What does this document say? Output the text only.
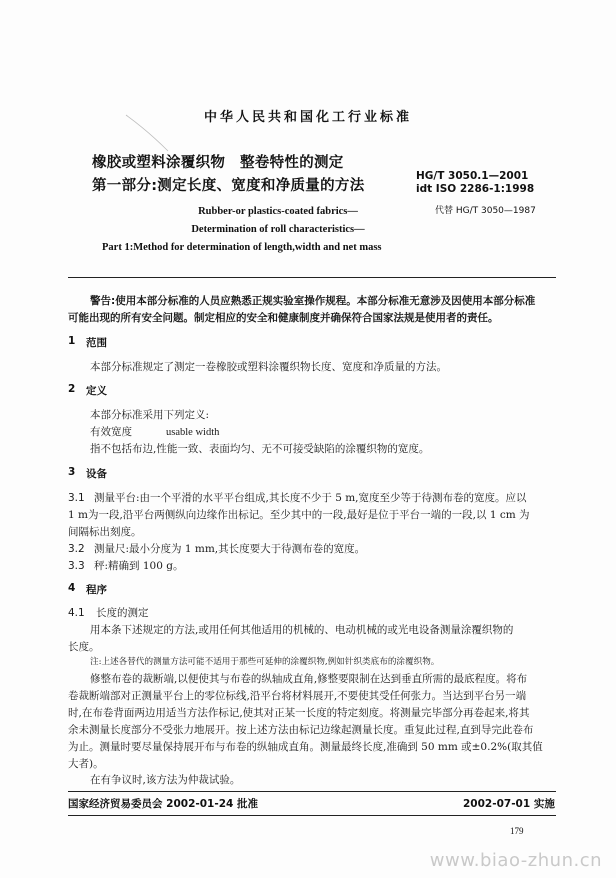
中华人民共和国化工行业标准
橡胶或塑料涂覆织物　整卷特性的测定
第一部分:测定长度、宽度和净质量的方法
HG/T 3050.1—2001
idt ISO 2286-1:1998
代替 HG/T 3050—1987
Rubber-or plastics-coated fabrics—
Determination of roll characteristics—
Part 1:Method for determination of length,width and net mass
警告:使用本部分标准的人员应熟悉正规实验室操作规程。本部分标准无意涉及因使用本部分标准
可能出现的所有安全问题。制定相应的安全和健康制度并确保符合国家法规是使用者的责任。
1 范围
本部分标准规定了测定一卷橡胶或塑料涂覆织物长度、宽度和净质量的方法。
2 定义
本部分标准采用下列定义:
有效宽度	usable width
指不包括布边,性能一致、表面均匀、无不可接受缺陷的涂覆织物的宽度。
3 设备
3.1 测量平台:由一个平滑的水平平台组成,其长度不少于 5 m,宽度至少等于待测布卷的宽度。应以
1 m为一段,沿平台两侧纵向边缘作出标记。至少其中的一段,最好是位于平台一端的一段,以 1 cm 为
间隔标出刻度。
3.2 测量尺:最小分度为 1 mm,其长度要大于待测布卷的宽度。
3.3 秤:精确到 100 g。
4 程序
4.1 长度的测定
用本条下述规定的方法,或用任何其他适用的机械的、电动机械的或光电设备测量涂覆织物的
长度。
注:上述各替代的测量方法可能不适用于那些可延伸的涂覆织物,例如针织类底布的涂覆织物。
修整布卷的裁断端,以便使其与布卷的纵轴成直角,修整要限制在达到垂直所需的最底程度。将布
卷裁断端部对正测量平台上的零位标线,沿平台将材料展开,不要使其受任何张力。当达到平台另一端
时,在布卷背面两边用适当方法作标记,使其对正某一长度的特定刻度。将测量完毕部分再卷起来,将其
余未测量长度部分不受张力地展开。按上述方法由标记边缘起测量长度。重复此过程,直到导完此卷布
为止。测量时要尽量保持展开布与布卷的纵轴成直角。测量最终长度,准确到 50 mm 或±0.2%(取其值
大者)。
在有争议时,该方法为仲裁试验。
国家经济贸易委员会 2002-01-24 批准	2002-07-01 实施
179
www.biao-zhun.cn
